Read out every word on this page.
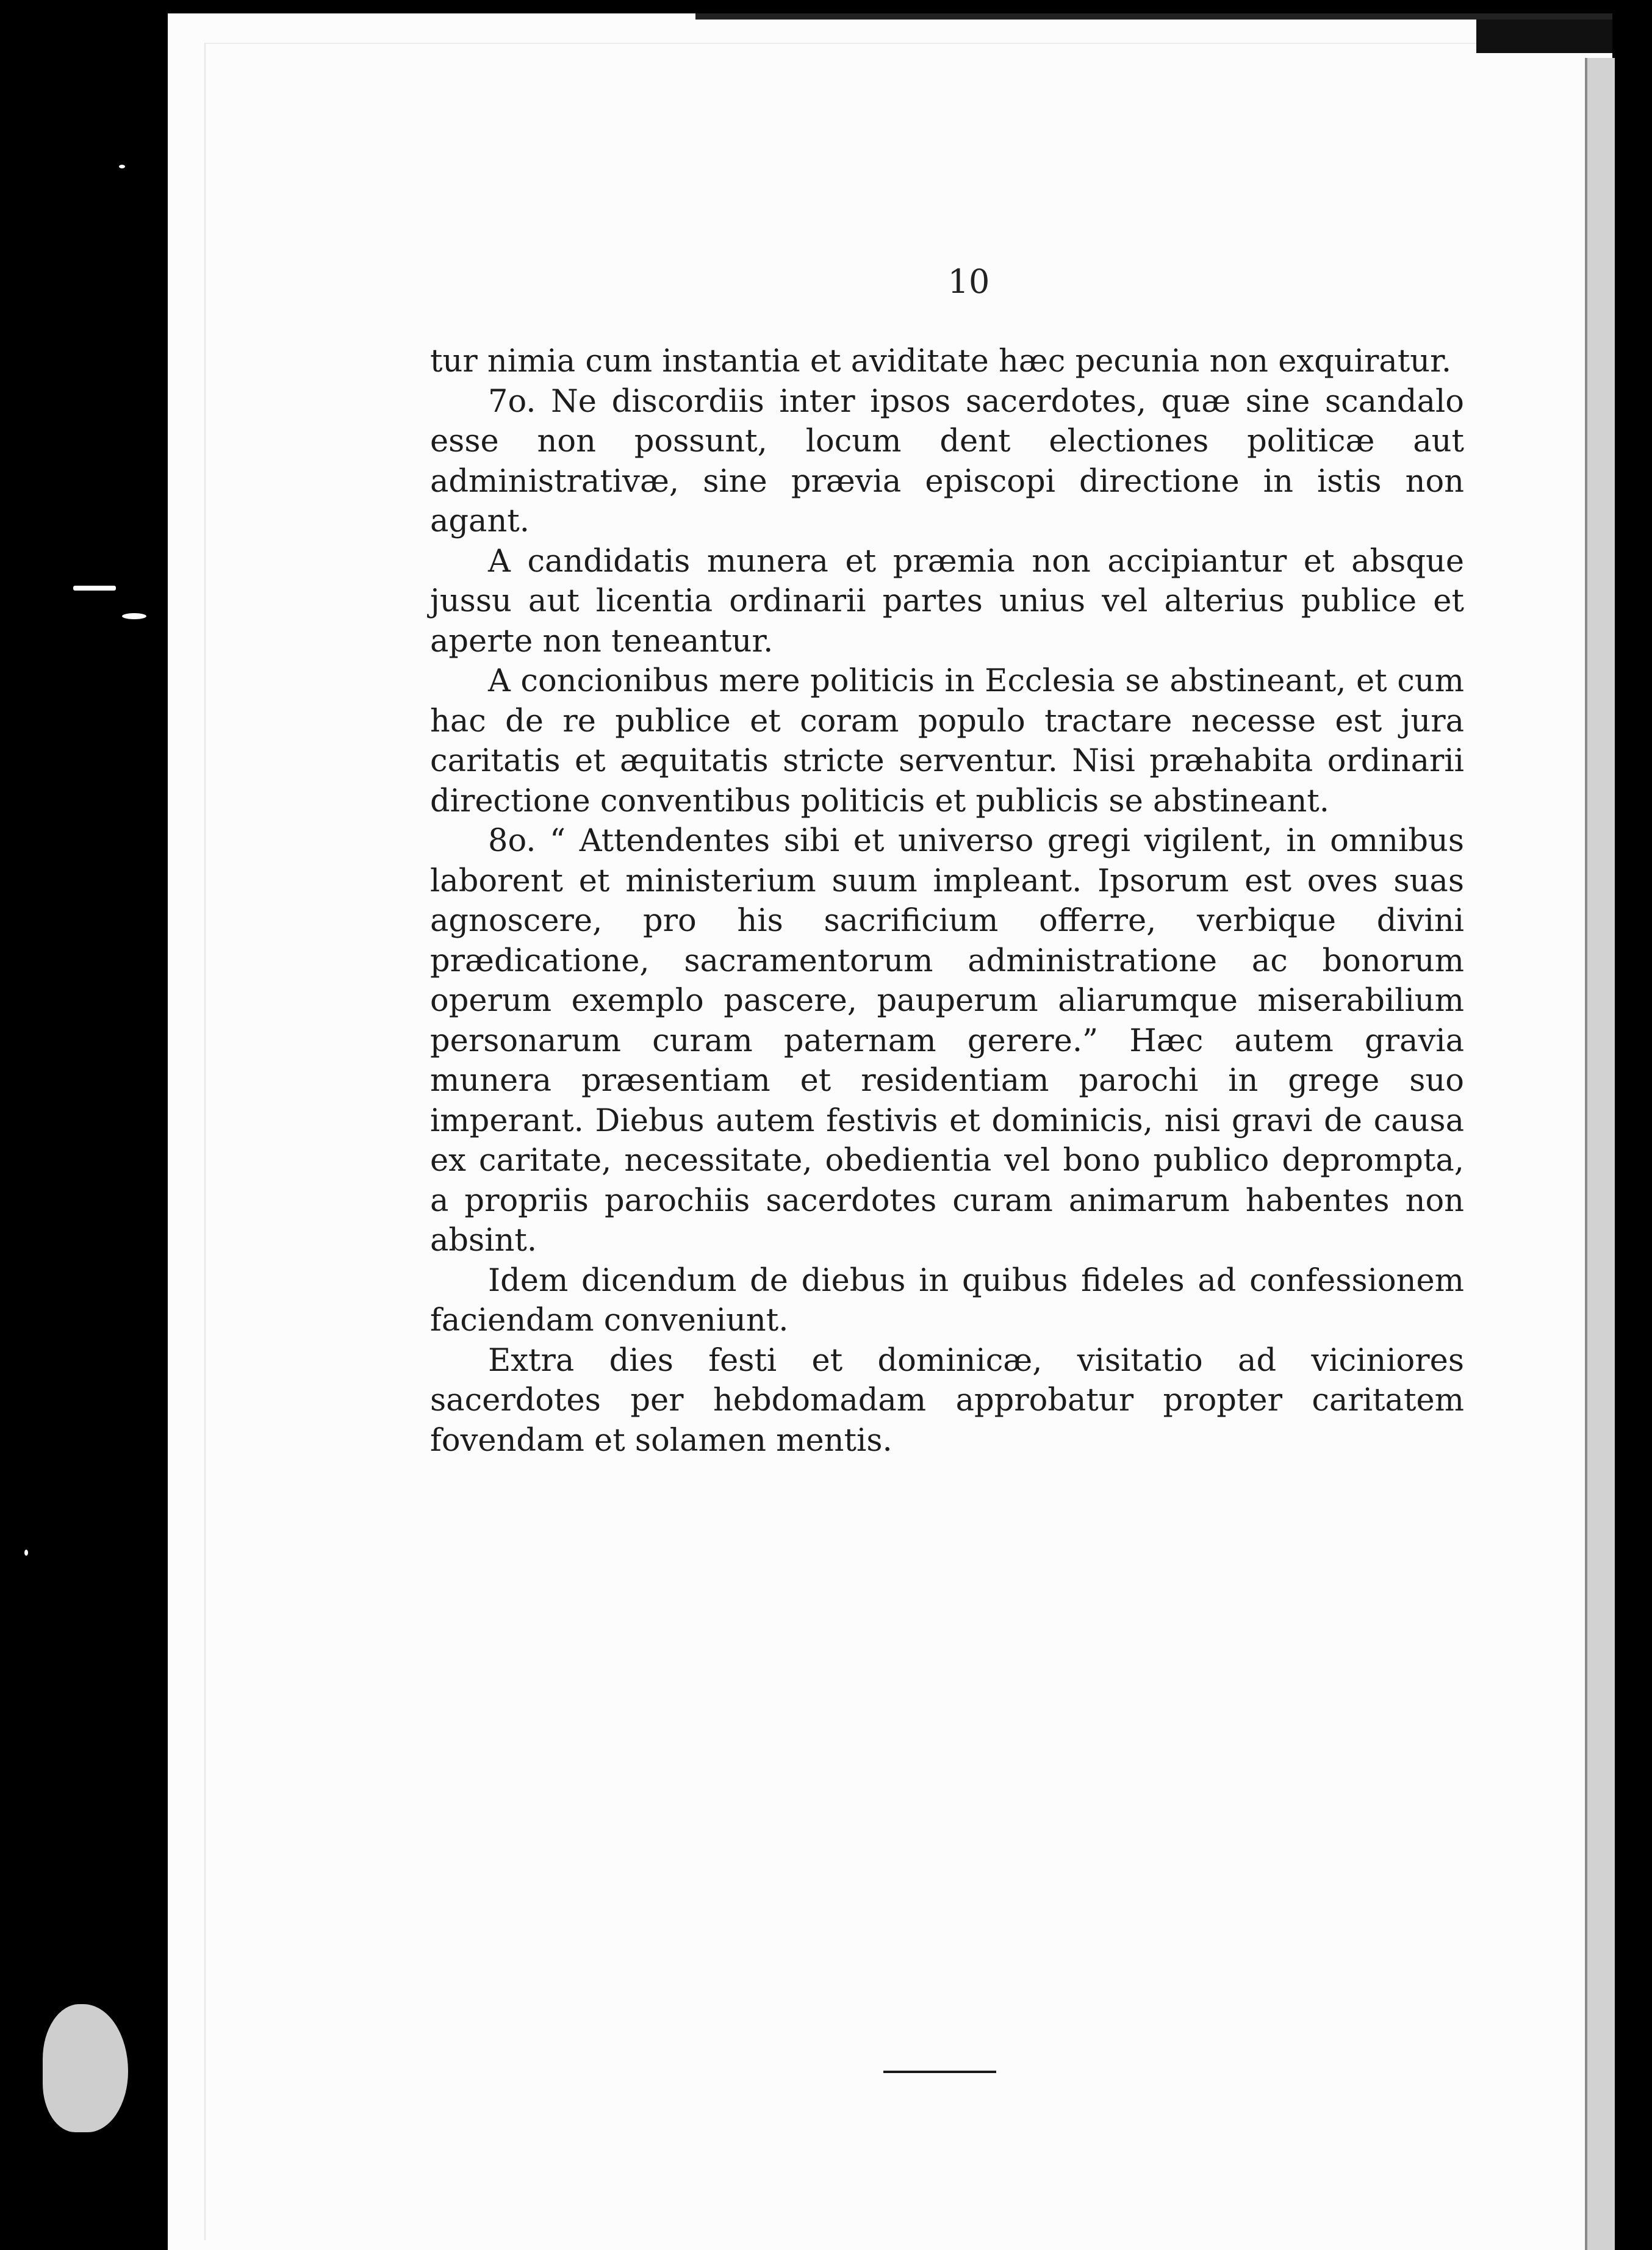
10

tur nimia cum instantia et aviditate hæc pecunia non exquiratur.

7o. Ne discordiis inter ipsos sacerdotes, quæ sine scandalo esse non possunt, locum dent electiones politicæ aut administrativæ, sine prævia episcopi directione in istis non agant.

A candidatis munera et præmia non accipiantur et absque jussu aut licentia ordinarii partes unius vel alterius publice et aperte non teneantur.

A concionibus mere politicis in Ecclesia se abstineant, et cum hac de re publice et coram populo tractare necesse est jura caritatis et æquitatis stricte serventur. Nisi præhabita ordinarii directione conventibus politicis et publicis se abstineant.

8o. “ Attendentes sibi et universo gregi vigilent, in omnibus laborent et ministerium suum impleant. Ipsorum est oves suas agnoscere, pro his sacrificium offerre, verbique divini prædicatione, sacramentorum administratione ac bonorum operum exemplo pascere, pauperum aliarumque miserabilium personarum curam paternam gerere.” Hæc autem gravia munera præsentiam et residentiam parochi in grege suo imperant. Diebus autem festivis et dominicis, nisi gravi de causa ex caritate, necessitate, obedientia vel bono publico deprompta, a propriis parochiis sacerdotes curam animarum habentes non absint.

Idem dicendum de diebus in quibus fideles ad confessionem faciendam conveniunt.

Extra dies festi et dominicæ, visitatio ad viciniores sacerdotes per hebdomadam approbatur propter caritatem fovendam et solamen mentis.
